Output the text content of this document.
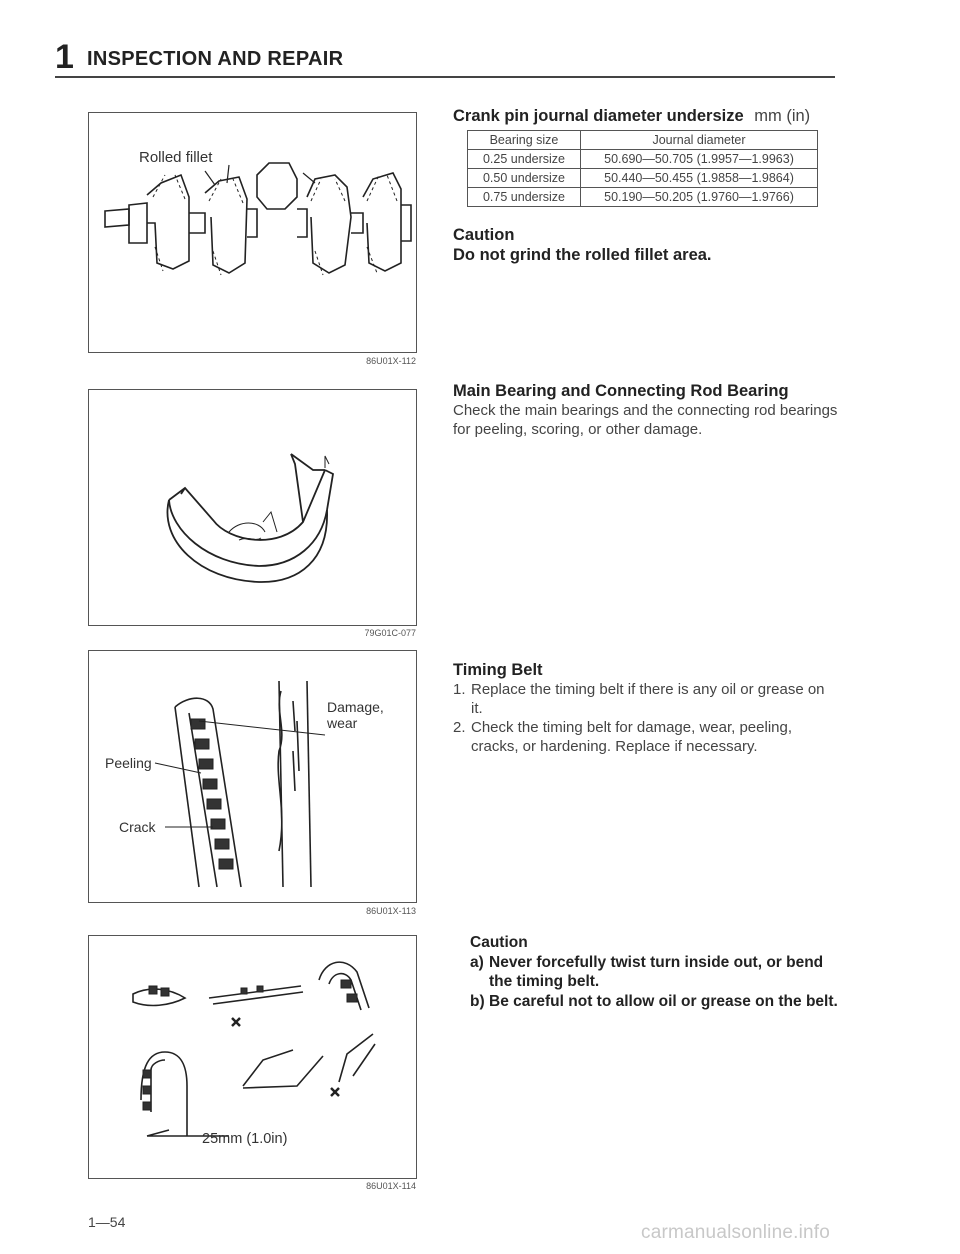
1 INSPECTION AND REPAIR
Rolled fillet
86U01X-112
79G01C-077
Damage,
wear
Peeling
Crack
86U01X-113
25mm (1.0in)
86U01X-114
Crank pin journal diameter undersize mm (in)
Bearing size	Journal diameter
0.25 undersize	50.690—50.705 (1.9957—1.9963)
0.50 undersize	50.440—50.455 (1.9858—1.9864)
0.75 undersize	50.190—50.205 (1.9760—1.9766)
Caution
Do not grind the rolled fillet area.
Main Bearing and Connecting Rod Bearing
Check the main bearings and the connecting rod bearings for peeling, scoring, or other damage.
Timing Belt
1. Replace the timing belt if there is any oil or grease on it.
2. Check the timing belt for damage, wear, peeling, cracks, or hardening. Replace if necessary.
Caution
a) Never forcefully twist turn inside out, or bend the timing belt.
b) Be careful not to allow oil or grease on the belt.
1—54	carmanualsonline.info
